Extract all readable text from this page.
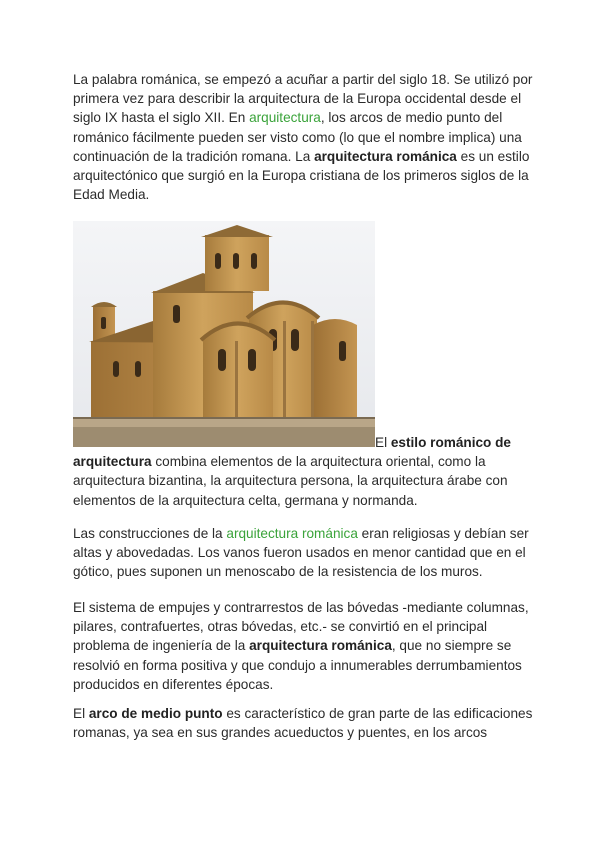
La palabra románica, se empezó a acuñar a partir del siglo 18. Se utilizó por primera vez para describir la arquitectura de la Europa occidental desde el siglo IX hasta el siglo XII. En arquitectura, los arcos de medio punto del románico fácilmente pueden ser visto como (lo que el nombre implica) una continuación de la tradición romana. La arquitectura románica es un estilo arquitectónico que surgió en la Europa cristiana de los primeros siglos de la Edad Media.

El estilo románico de arquitectura combina elementos de la arquitectura oriental, como la arquitectura bizantina, la arquitectura persona, la arquitectura árabe con elementos de la arquitectura celta, germana y normanda.

Las construcciones de la arquitectura románica eran religiosas y debían ser altas y abovedadas. Los vanos fueron usados en menor cantidad que en el gótico, pues suponen un menoscabo de la resistencia de los muros.

El sistema de empujes y contrarrestos de las bóvedas -mediante columnas, pilares, contrafuertes, otras bóvedas, etc.- se convirtió en el principal problema de ingeniería de la arquitectura románica, que no siempre se resolvió en forma positiva y que condujo a innumerables derrumbamientos producidos en diferentes épocas.

El arco de medio punto es característico de gran parte de las edificaciones romanas, ya sea en sus grandes acueductos y puentes, en los arcos
